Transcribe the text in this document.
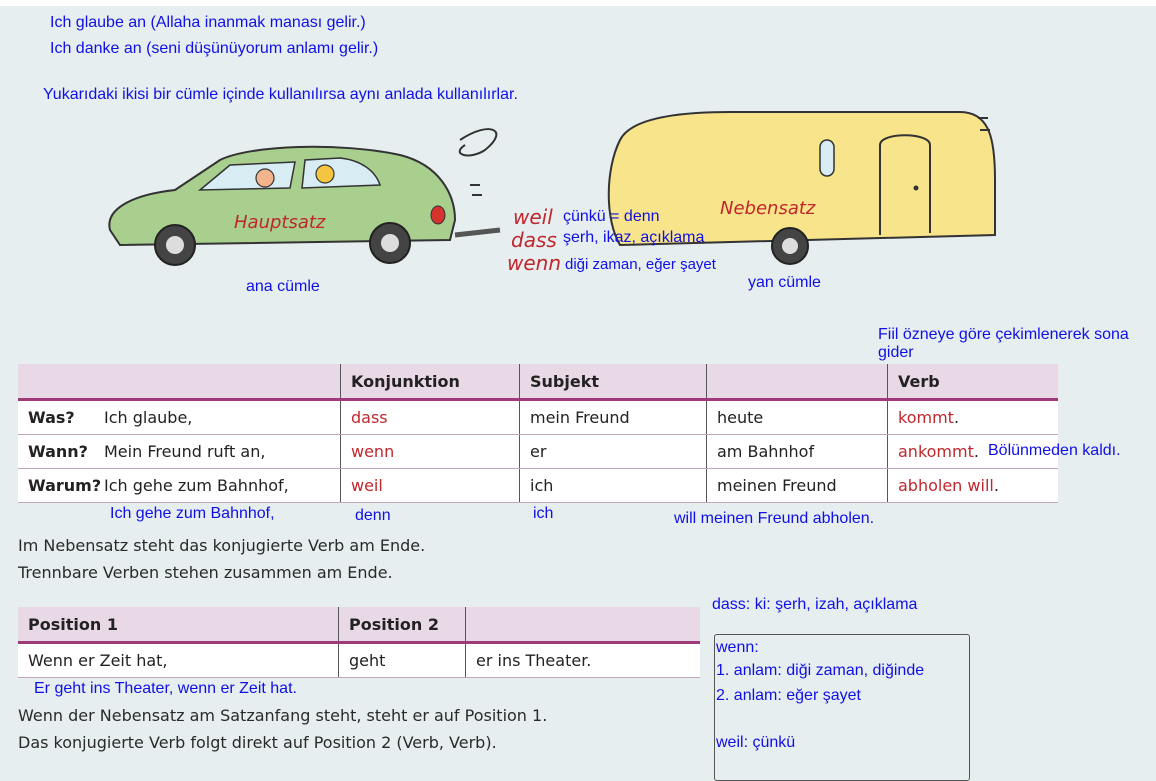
Ich glaube an (Allaha inanmak manası gelir.)
Ich danke an (seni düşünüyorum anlamı gelir.)
Yukarıdaki ikisi bir cümle içinde kullanılırsa aynı anlada kullanılırlar.
Hauptsatz
Nebensatz
weil
dass
wenn
çünkü = denn
şerh, ikaz, açıklama
diği zaman, eğer şayet
ana cümle	yan cümle
Fiil özneye göre çekimlenerek sona gider
	Konjunktion	Subjekt		Verb
Was? Ich glaube,	dass	mein Freund	heute	kommt.
Wann? Mein Freund ruft an,	wenn	er	am Bahnhof	ankommt.
Warum? Ich gehe zum Bahnhof,	weil	ich	meinen Freund	abholen will.
Bölünmeden kaldı.
Ich gehe zum Bahnhof,	denn	ich	will meinen Freund abholen.
Im Nebensatz steht das konjugierte Verb am Ende.
Trennbare Verben stehen zusammen am Ende.
Position 1	Position 2	
Wenn er Zeit hat,	geht	er ins Theater.
Er geht ins Theater, wenn er Zeit hat.
Wenn der Nebensatz am Satzanfang steht, steht er auf Position 1.
Das konjugierte Verb folgt direkt auf Position 2 (Verb, Verb).
dass: ki: şerh, izah, açıklama
wenn:
1. anlam: diği zaman, diğinde
2. anlam: eğer şayet
weil: çünkü
